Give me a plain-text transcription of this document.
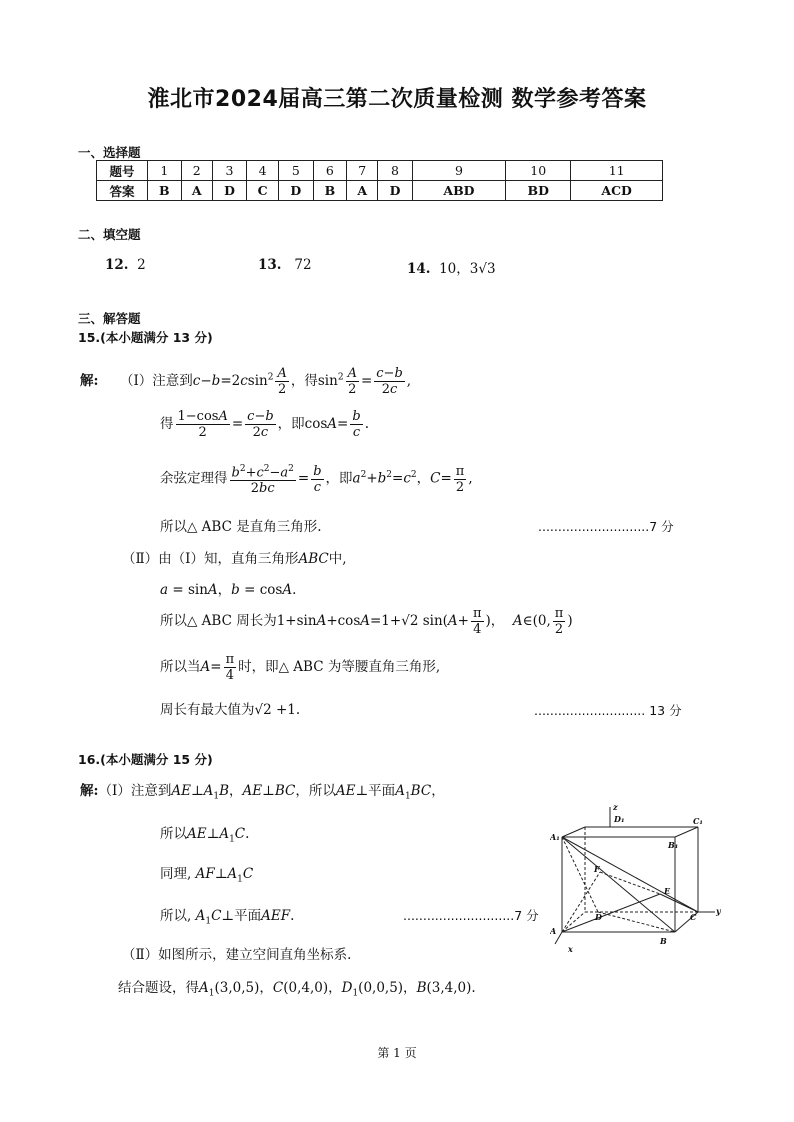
淮北市2024届高三第二次质量检测 数学参考答案
一、选择题
题号	1	2	3	4	5	6	7	8	9	10	11
答案	B	A	D	C	D	B	A	D	ABD	BD	ACD
二、填空题
12. 2	13. 72	14. 10，3√3
三、解答题
15.(本小题满分 13 分)
解: （Ⅰ）注意到$c-b=2csin^2 \frac{A}{2}$ ，得$\sin^2 \frac{A}{2} = \frac{c-b}{2c}$ ,
得 $\frac{1-\cos A}{2} = \frac{c-b}{2c}$ ，即$\cos A= \frac{b}{c}$ .
余弦定理得 $\frac{b^2+c^2-a^2}{2bc} = \frac{b}{c}$ ，即$a^2+b^2=c^2$，$C= \frac{\pi}{2}$ ,
所以△ ABC 是直角三角形.	............................7 分
（Ⅱ）由（Ⅰ）知，直角三角形ABC中,
a = sinA，b = cosA.
所以△ ABC 周长为1+sinA+cosA=1+√2 $\sin(A+ \frac{\pi}{4}$ )，  A∈(0, $\frac{\pi}{2}$ )
所以当$A= \frac{\pi}{4}$ 时，即△ ABC 为等腰直角三角形,
周长有最大值为√2 +1.	............................ 13 分
16.(本小题满分 15 分)
解:（Ⅰ）注意到$AE\perp A_1B$，AE⊥BC，所以AE⊥平面$A_1BC$，
所以$AE\perp A_1C$.
同理, $AF\perp A_1C$
所以, $A_1C\perp$平面AEF.	............................7 分
（Ⅱ）如图所示，建立空间直角坐标系.
结合题设，得$A_1(3,0,5)$，C(0,4,0)，$D_1(0,0,5)$，B(3,4,0).
A₁
D₁	C₁
B₁
A
B
C
D
E
F
x
y
z
第 1 页
